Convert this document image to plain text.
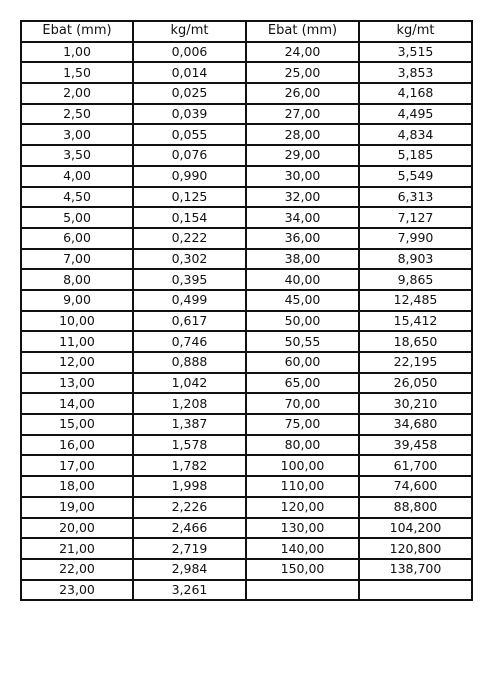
Ebat (mm)	kg/mt	Ebat (mm)	kg/mt
1,00	0,006	24,00	3,515
1,50	0,014	25,00	3,853
2,00	0,025	26,00	4,168
2,50	0,039	27,00	4,495
3,00	0,055	28,00	4,834
3,50	0,076	29,00	5,185
4,00	0,990	30,00	5,549
4,50	0,125	32,00	6,313
5,00	0,154	34,00	7,127
6,00	0,222	36,00	7,990
7,00	0,302	38,00	8,903
8,00	0,395	40,00	9,865
9,00	0,499	45,00	12,485
10,00	0,617	50,00	15,412
11,00	0,746	50,55	18,650
12,00	0,888	60,00	22,195
13,00	1,042	65,00	26,050
14,00	1,208	70,00	30,210
15,00	1,387	75,00	34,680
16,00	1,578	80,00	39,458
17,00	1,782	100,00	61,700
18,00	1,998	110,00	74,600
19,00	2,226	120,00	88,800
20,00	2,466	130,00	104,200
21,00	2,719	140,00	120,800
22,00	2,984	150,00	138,700
23,00	3,261		
